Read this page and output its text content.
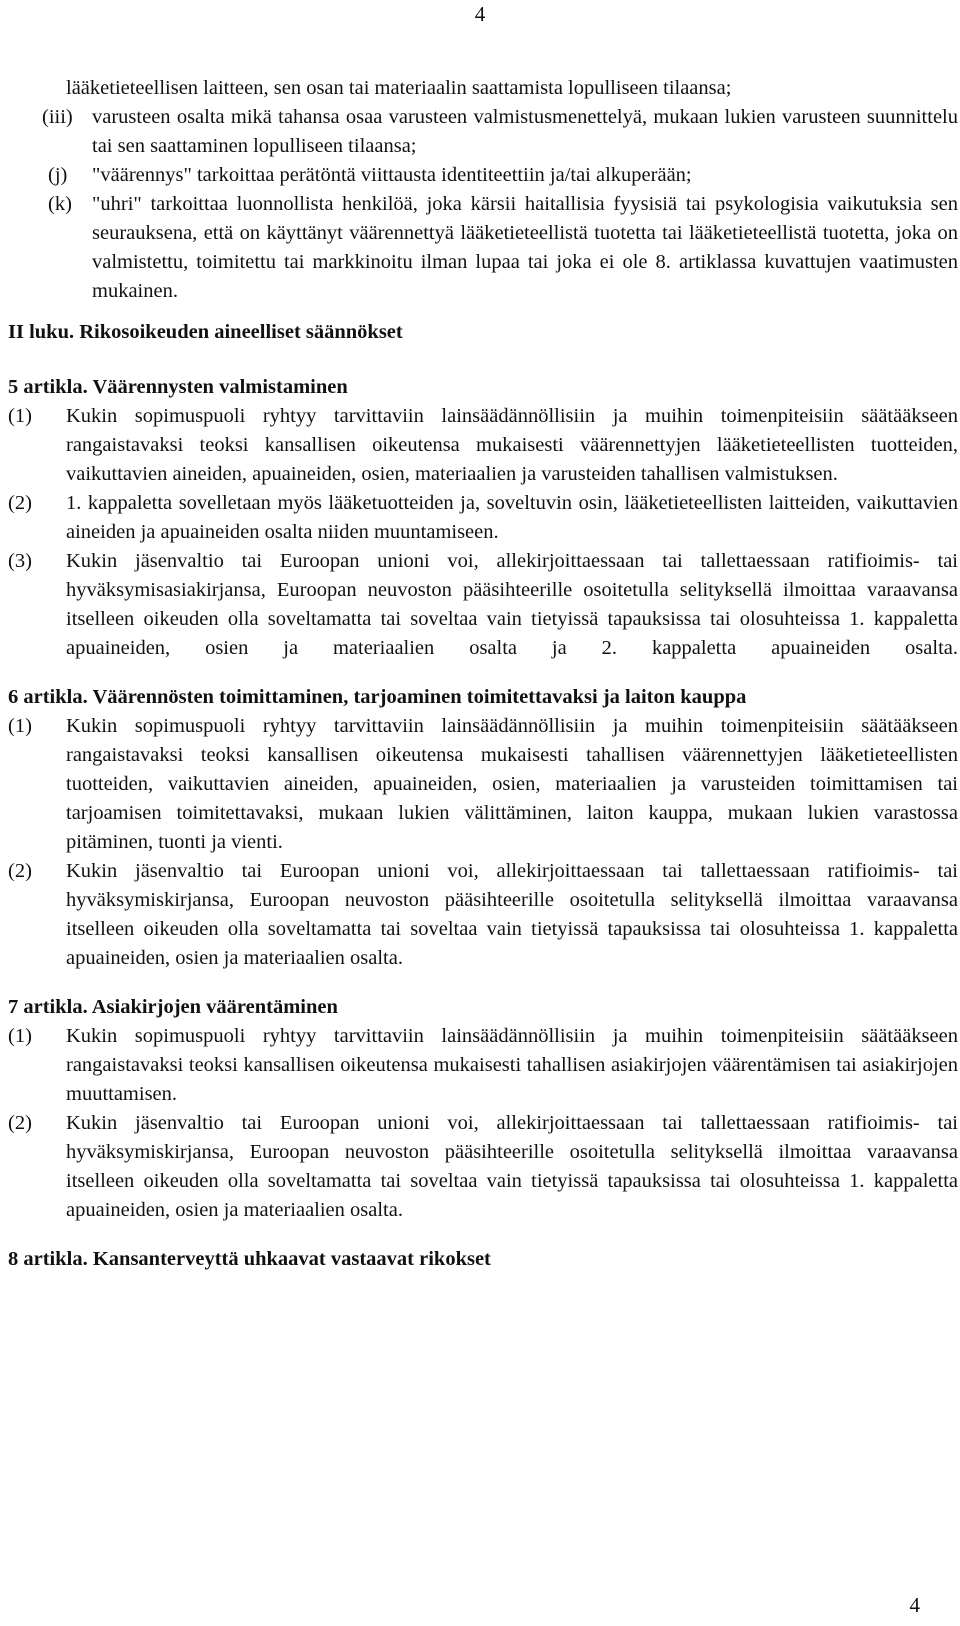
4

lääketieteellisen laitteen, sen osan tai materiaalin saattamista lopulliseen tilaansa;

(iii) varusteen osalta mikä tahansa osaa varusteen valmistusmenettelyä, mukaan lukien varusteen suunnittelu tai sen saattaminen lopulliseen tilaansa;
(j) "väärennys" tarkoittaa perätöntä viittausta identiteettiin ja/tai alkuperään;
(k) "uhri" tarkoittaa luonnollista henkilöä, joka kärsii haitallisia fyysisiä tai psykologisia vaikutuksia sen seurauksena, että on käyttänyt väärennettyä lääketieteellistä tuotetta tai lääketieteellistä tuotetta, joka on valmistettu, toimitettu tai markkinoitu ilman lupaa tai joka ei ole 8. artiklassa kuvattujen vaatimusten mukainen.

II luku. Rikosoikeuden aineelliset säännökset

5 artikla. Väärennysten valmistaminen

(1) Kukin sopimuspuoli ryhtyy tarvittaviin lainsäädännöllisiin ja muihin toimenpiteisiin säätääkseen rangaistavaksi teoksi kansallisen oikeutensa mukaisesti väärennettyjen lääketieteellisten tuotteiden, vaikuttavien aineiden, apuaineiden, osien, materiaalien ja varusteiden tahallisen valmistuksen.
(2) 1. kappaletta sovelletaan myös lääketuotteiden ja, soveltuvin osin, lääketieteellisten laitteiden, vaikuttavien aineiden ja apuaineiden osalta niiden muuntamiseen.
(3) Kukin jäsenvaltio tai Euroopan unioni voi, allekirjoittaessaan tai tallettaessaan ratifioimis- tai hyväksymisasiakirjansa, Euroopan neuvoston pääsihteerille osoitetulla selityksellä ilmoittaa varaavansa itselleen oikeuden olla soveltamatta tai soveltaa vain tietyissä tapauksissa tai olosuhteissa 1. kappaletta apuaineiden, osien ja materiaalien osalta ja 2. kappaletta apuaineiden osalta.

6 artikla. Väärennösten toimittaminen, tarjoaminen toimitettavaksi ja laiton kauppa

(1) Kukin sopimuspuoli ryhtyy tarvittaviin lainsäädännöllisiin ja muihin toimenpiteisiin säätääkseen rangaistavaksi teoksi kansallisen oikeutensa mukaisesti tahallisen väärennettyjen lääketieteellisten tuotteiden, vaikuttavien aineiden, apuaineiden, osien, materiaalien ja varusteiden toimittamisen tai tarjoamisen toimitettavaksi, mukaan lukien välittäminen, laiton kauppa, mukaan lukien varastossa pitäminen, tuonti ja vienti.
(2) Kukin jäsenvaltio tai Euroopan unioni voi, allekirjoittaessaan tai tallettaessaan ratifioimis- tai hyväksymiskirjansa, Euroopan neuvoston pääsihteerille osoitetulla selityksellä ilmoittaa varaavansa itselleen oikeuden olla soveltamatta tai soveltaa vain tietyissä tapauksissa tai olosuhteissa 1. kappaletta apuaineiden, osien ja materiaalien osalta.

7 artikla. Asiakirjojen väärentäminen

(1) Kukin sopimuspuoli ryhtyy tarvittaviin lainsäädännöllisiin ja muihin toimenpiteisiin säätääkseen rangaistavaksi teoksi kansallisen oikeutensa mukaisesti tahallisen asiakirjojen väärentämisen tai asiakirjojen muuttamisen.
(2) Kukin jäsenvaltio tai Euroopan unioni voi, allekirjoittaessaan tai tallettaessaan ratifioimis- tai hyväksymiskirjansa, Euroopan neuvoston pääsihteerille osoitetulla selityksellä ilmoittaa varaavansa itselleen oikeuden olla soveltamatta tai soveltaa vain tietyissä tapauksissa tai olosuhteissa 1. kappaletta apuaineiden, osien ja materiaalien osalta.

8 artikla. Kansanterveyttä uhkaavat vastaavat rikokset

4
